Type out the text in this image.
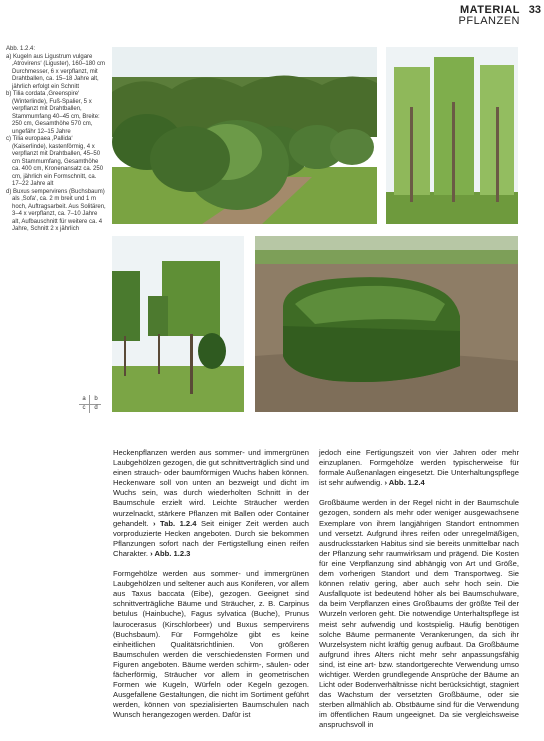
MATERIAL
PFLANZEN
33

Abb. 1.2.4:

a) Kugeln aus Ligustrum vulgare ‚Atrovirens‘ (Liguster), 160–180 cm Durchmesser, 6 x verpflanzt, mit Drahtballen, ca. 15–18 Jahre alt, jährlich erfolgt ein Schnitt

b) Tilia cordata ‚Greenspire‘ (Winterlinde), Fuß-Spalier, 5 x verpflanzt mit Drahtballen, Stammumfang 40–45 cm, Breite: 250 cm, Gesamthöhe 570 cm, ungefähr 12–15 Jahre

c) Tilia europaea ‚Pallida‘ (Kaiserlinde), kastenförmig, 4 x verpflanzt mit Drahtballen, 45–50 cm Stammumfang, Gesamthöhe ca. 400 cm, Kronenansatz ca. 250 cm, jährlich ein Formschnitt, ca. 17–22 Jahre alt

d) Buxus sempervirens (Buchsbaum) als ‚Sofa‘, ca. 2 m breit und 1 m hoch, Auftragsarbeit. Aus Solitären, 3–4 x verpflanzt, ca. 7–10 Jahre alt, Aufbauschnitt für weitere ca. 4 Jahre, Schnitt 2 x jährlich

a	b
c	d

Heckenpflanzen werden aus sommer- und immergrünen Laubgehölzen gezogen, die gut schnittverträglich sind und einen strauch- oder baumförmigen Wuchs haben können. Heckenware soll von unten an bezweigt und dicht im Wuchs sein, was durch wiederholten Schnitt in der Baumschule erzielt wird. Leichte Sträucher werden wurzelnackt, stärkere Pflanzen mit Ballen oder Container gehandelt. › Tab. 1.2.4 Seit einiger Zeit werden auch vorproduzierte Hecken angeboten. Durch sie bekommen Pflanzungen sofort nach der Fertigstellung einen reifen Charakter. › Abb. 1.2.3

Formgehölze werden aus sommer- und immergrünen Laubgehölzen und seltener auch aus Koniferen, vor allem aus Taxus baccata (Eibe), gezogen. Geeignet sind schnittverträgliche Bäume und Sträucher, z. B. Carpinus betulus (Hainbuche), Fagus sylvatica (Buche), Prunus laurocerasus (Kirschlorbeer) und Buxus sempervirens (Buchsbaum). Für Formgehölze gibt es keine einheitlichen Qualitätsrichtlinien. Von größeren Baumschulen werden die verschiedensten Formen und Figuren angeboten. Bäume werden schirm-, säulen- oder fächerförmig, Sträucher vor allem in geometrischen Formen wie Kugeln, Würfeln oder Kegeln gezogen. Ausgefallene Gestaltungen, die nicht im Sortiment geführt werden, können von spezialisierten Baumschulen nach Wunsch herangezogen werden. Dafür ist

jedoch eine Fertigungszeit von vier Jahren oder mehr einzuplanen. Formgehölze werden typischerweise für formale Außenanlagen eingesetzt. Die Unterhaltungspflege ist sehr aufwendig. › Abb. 1.2.4

Großbäume werden in der Regel nicht in der Baumschule gezogen, sondern als mehr oder weniger ausgewachsene Exemplare von ihrem langjährigen Standort entnommen und versetzt. Aufgrund ihres reifen oder unregelmäßigen, ausdrucksstarken Habitus sind sie bereits unmittelbar nach der Pflanzung sehr raumwirksam und prägend. Die Kosten für eine Verpflanzung sind abhängig von Art und Größe, dem vorherigen Standort und dem Transportweg. Sie können relativ gering, aber auch sehr hoch sein. Die Ausfallquote ist bedeutend höher als bei Baumschulware, da beim Verpflanzen eines Großbaums der größte Teil der Wurzeln verloren geht. Die notwendige Unterhaltspflege ist meist sehr aufwendig und kostspielig. Häufig benötigen solche Bäume permanente Verankerungen, da sich ihr Wurzelsystem nicht kräftig genug aufbaut. Da Großbäume aufgrund ihres Alters nicht mehr sehr anpassungsfähig sind, ist eine art- bzw. standortgerechte Verwendung umso wichtiger. Werden grundlegende Ansprüche der Bäume an Licht oder Bodenverhältnisse nicht berücksichtigt, stagniert das Wachstum der versetzten Großbäume, oder sie sterben allmählich ab. Obstbäume sind für die Verwendung im öffentlichen Raum ungeeignet. Da sie vergleichsweise anspruchsvoll in
